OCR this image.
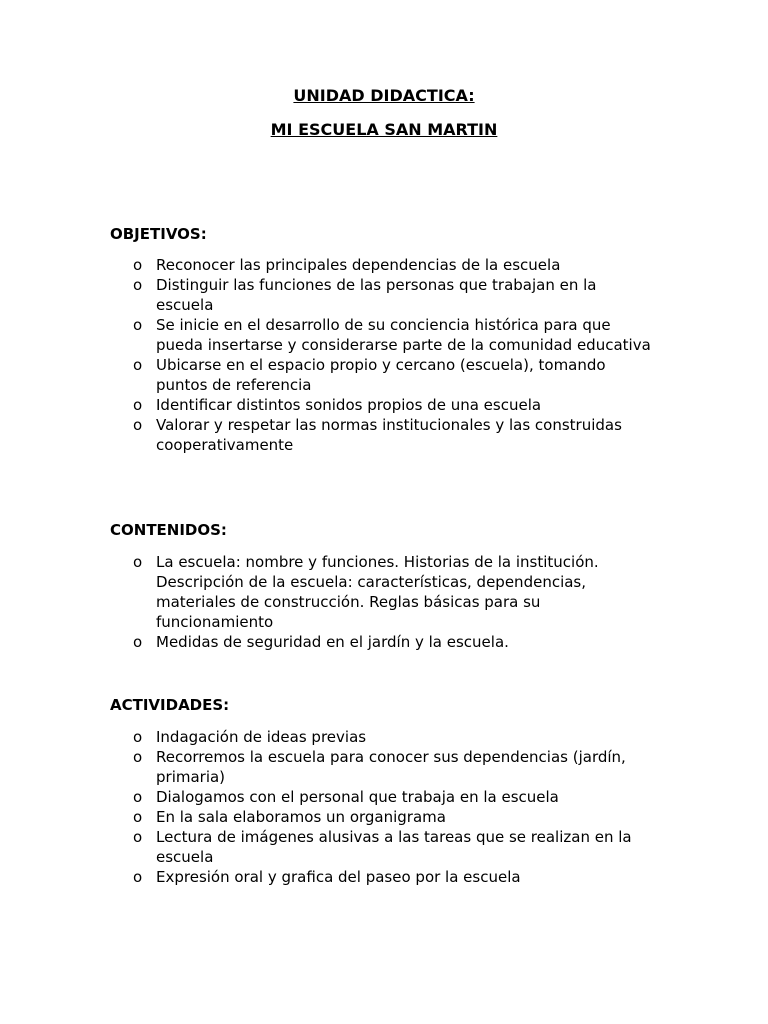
UNIDAD DIDACTICA:
MI ESCUELA SAN MARTIN
OBJETIVOS:
o Reconocer las principales dependencias de la escuela
o Distinguir las funciones de las personas que trabajan en la escuela
o Se inicie en el desarrollo de su conciencia histórica para que pueda insertarse y considerarse parte de la comunidad educativa
o Ubicarse en el espacio propio y cercano (escuela), tomando puntos de referencia
o Identificar distintos sonidos propios de una escuela
o Valorar y respetar las normas institucionales y las construidas cooperativamente
CONTENIDOS:
o La escuela: nombre y funciones. Historias de la institución. Descripción de la escuela: características, dependencias, materiales de construcción. Reglas básicas para su funcionamiento
o Medidas de seguridad en el jardín y la escuela.
ACTIVIDADES:
o Indagación de ideas previas
o Recorremos la escuela para conocer sus dependencias (jardín, primaria)
o Dialogamos con el personal que trabaja en la escuela
o En la sala elaboramos un organigrama
o Lectura de imágenes alusivas a las tareas que se realizan en la escuela
o Expresión oral y grafica del paseo por la escuela
